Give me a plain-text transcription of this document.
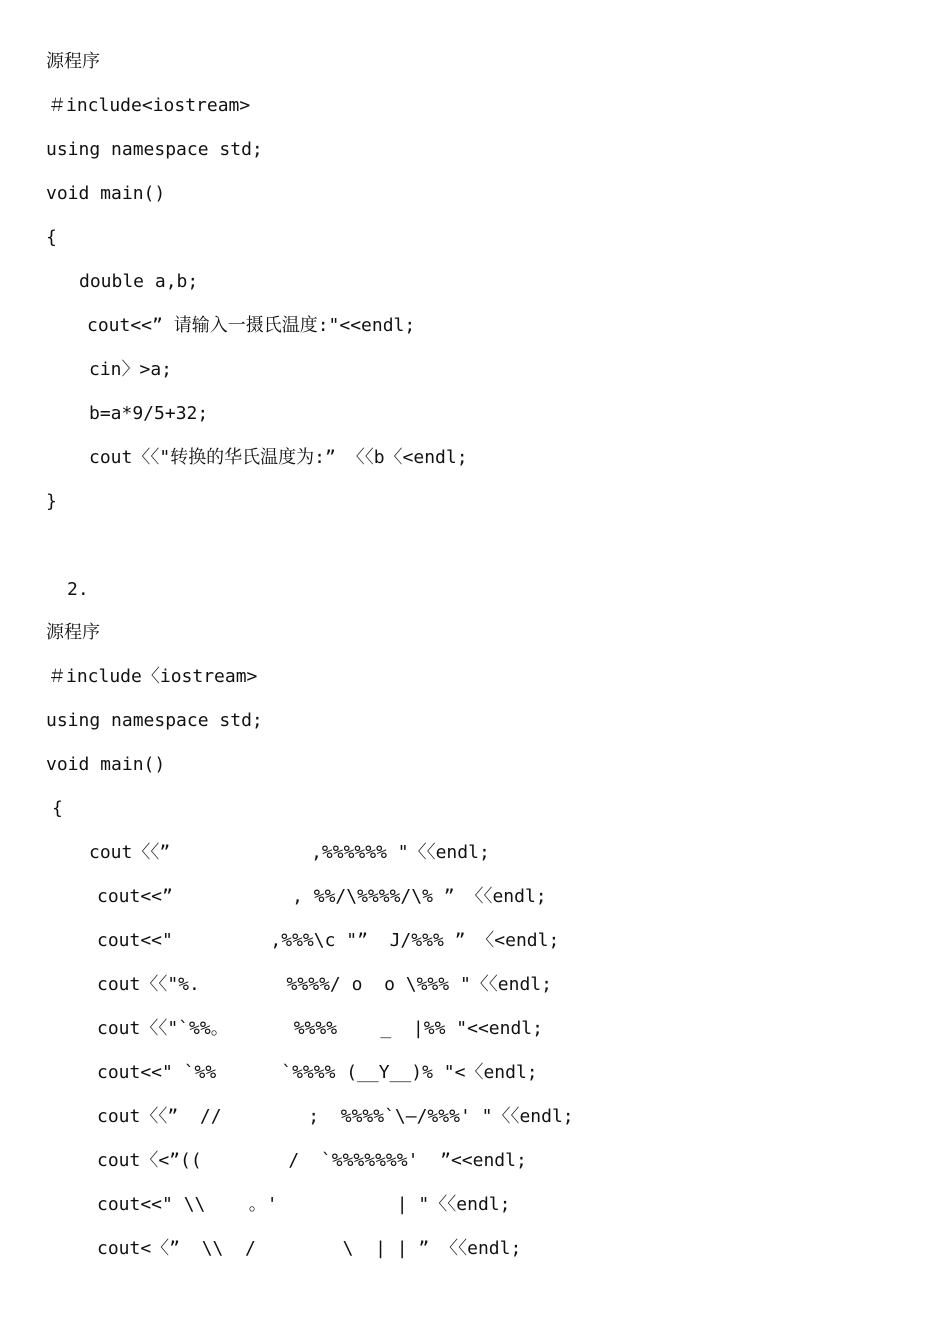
源程序

＃include<iostream>

using namespace std;

void main()

{

double a,b;

cout<<” 请输入一摄氏温度:"<<endl;

cin〉>a;

b=a*9/5+32;

cout〈〈"转换的华氏温度为:” 〈〈b〈<endl;

}

2.

源程序

＃include〈iostream>

using namespace std;

void main()

{

cout〈〈”             ,%%%%%% "〈〈endl;

cout<<”           , %%/\%%%%/\% ” 〈〈endl;

cout<<"         ,%%%\c "”  J/%%% ” 〈<endl;

cout〈〈"%.        %%%%/ o  o \%%% "〈〈endl;

cout〈〈"`%%。      %%%%    _  |%% "<<endl;

cout<<" `%%      `%%%% (__Y__)% "<〈endl;

cout〈〈”  //        ;  %%%%`\—/%%%' "〈〈endl;

cout〈<”((        /  `%%%%%%%'  ”<<endl;

cout<<" \\    。'           | "〈〈endl;

cout<〈”  \\  /        \  | | ” 〈〈endl;
